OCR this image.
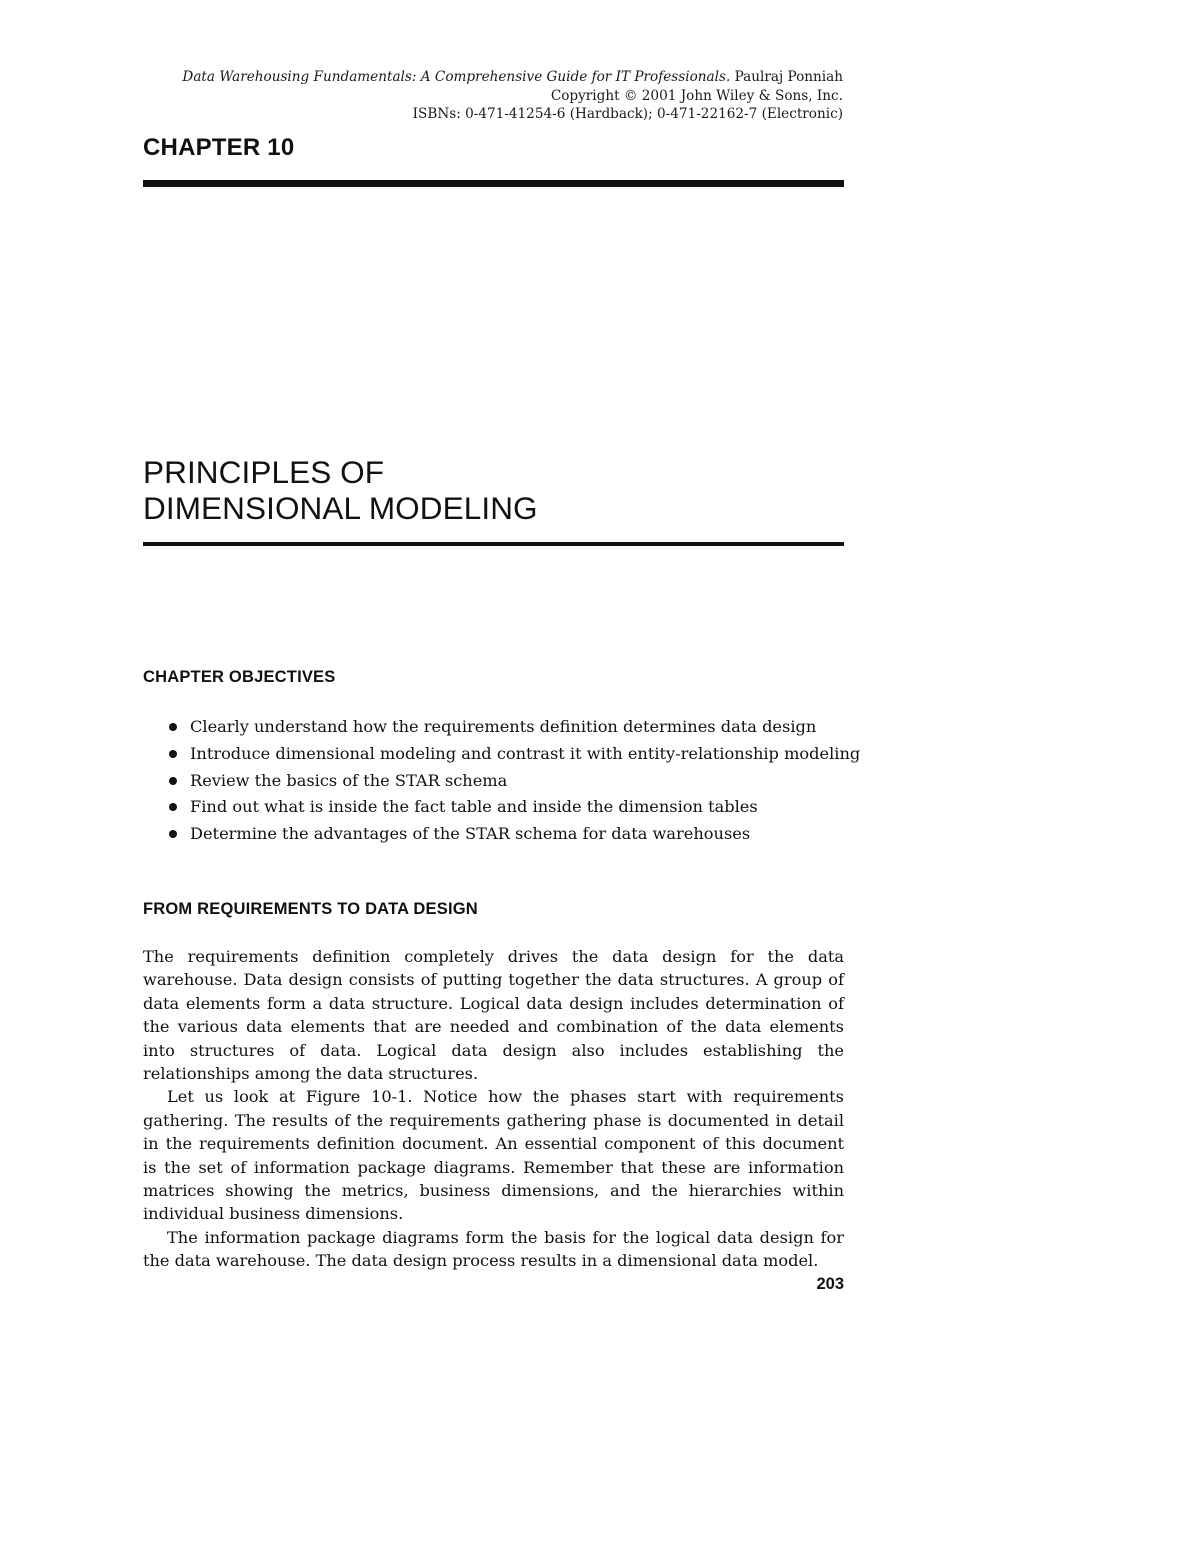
Data Warehousing Fundamentals: A Comprehensive Guide for IT Professionals. Paulraj Ponniah
Copyright © 2001 John Wiley & Sons, Inc.
ISBNs: 0-471-41254-6 (Hardback); 0-471-22162-7 (Electronic)
CHAPTER 10
PRINCIPLES OF
DIMENSIONAL MODELING
CHAPTER OBJECTIVES
Clearly understand how the requirements definition determines data design
Introduce dimensional modeling and contrast it with entity-relationship modeling
Review the basics of the STAR schema
Find out what is inside the fact table and inside the dimension tables
Determine the advantages of the STAR schema for data warehouses
FROM REQUIREMENTS TO DATA DESIGN

The requirements definition completely drives the data design for the data warehouse. Data design consists of putting together the data structures. A group of data elements form a data structure. Logical data design includes determination of the various data elements that are needed and combination of the data elements into structures of data. Logical data design also includes establishing the relationships among the data structures.

Let us look at Figure 10-1. Notice how the phases start with requirements gathering. The results of the requirements gathering phase is documented in detail in the requirements definition document. An essential component of this document is the set of information package diagrams. Remember that these are information matrices showing the metrics, business dimensions, and the hierarchies within individual business dimensions.

The information package diagrams form the basis for the logical data design for the data warehouse. The data design process results in a dimensional data model.

203
